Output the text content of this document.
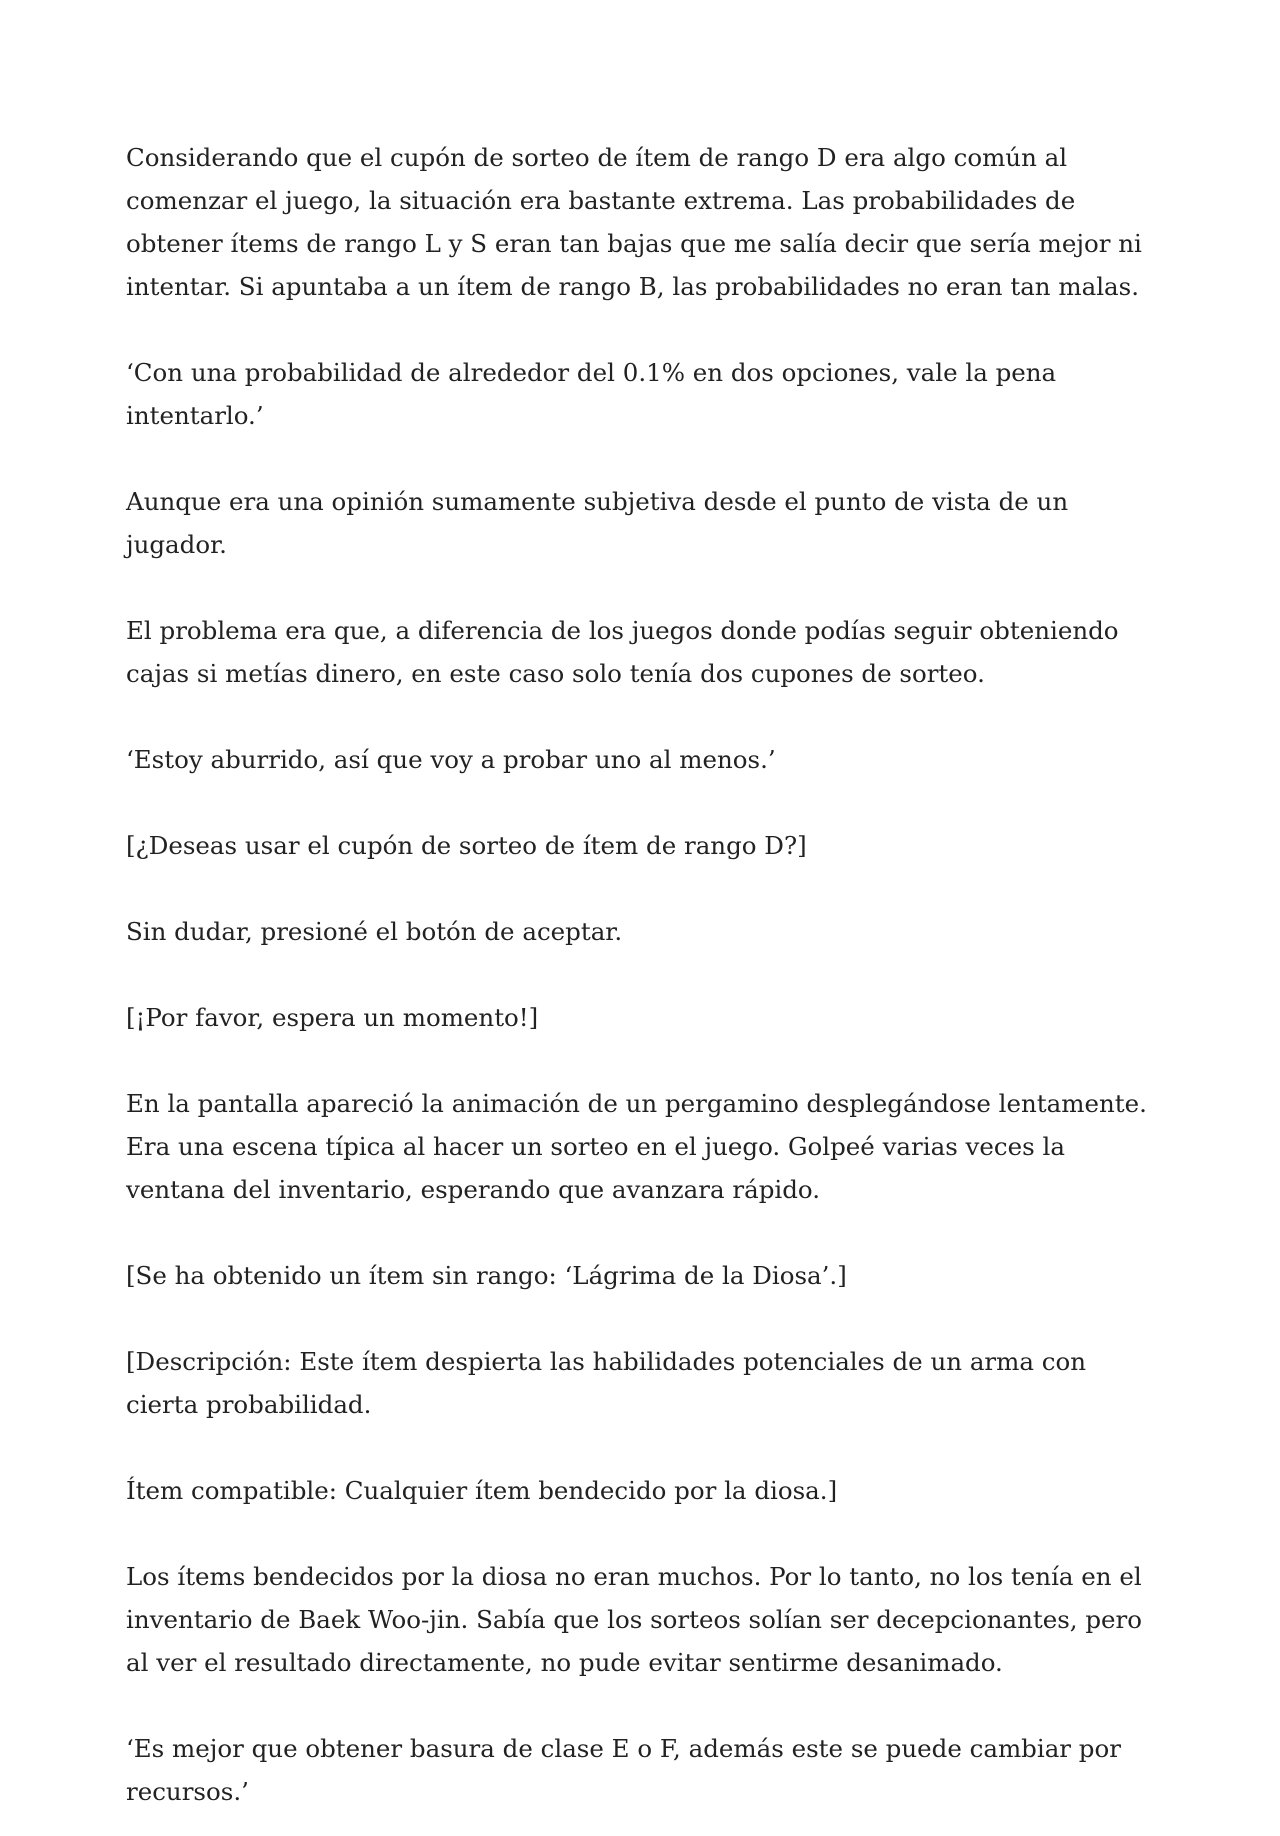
Considerando que el cupón de sorteo de ítem de rango D era algo común al comenzar el juego, la situación era bastante extrema. Las probabilidades de obtener ítems de rango L y S eran tan bajas que me salía decir que sería mejor ni intentar. Si apuntaba a un ítem de rango B, las probabilidades no eran tan malas.

‘Con una probabilidad de alrededor del 0.1% en dos opciones, vale la pena intentarlo.’

Aunque era una opinión sumamente subjetiva desde el punto de vista de un jugador.

El problema era que, a diferencia de los juegos donde podías seguir obteniendo cajas si metías dinero, en este caso solo tenía dos cupones de sorteo.

‘Estoy aburrido, así que voy a probar uno al menos.’

[¿Deseas usar el cupón de sorteo de ítem de rango D?]

Sin dudar, presioné el botón de aceptar.

[¡Por favor, espera un momento!]

En la pantalla apareció la animación de un pergamino desplegándose lentamente. Era una escena típica al hacer un sorteo en el juego. Golpeé varias veces la ventana del inventario, esperando que avanzara rápido.

[Se ha obtenido un ítem sin rango: ‘Lágrima de la Diosa’.]

[Descripción: Este ítem despierta las habilidades potenciales de un arma con cierta probabilidad.

Ítem compatible: Cualquier ítem bendecido por la diosa.]

Los ítems bendecidos por la diosa no eran muchos. Por lo tanto, no los tenía en el inventario de Baek Woo-jin. Sabía que los sorteos solían ser decepcionantes, pero al ver el resultado directamente, no pude evitar sentirme desanimado.

‘Es mejor que obtener basura de clase E o F, además este se puede cambiar por recursos.’
